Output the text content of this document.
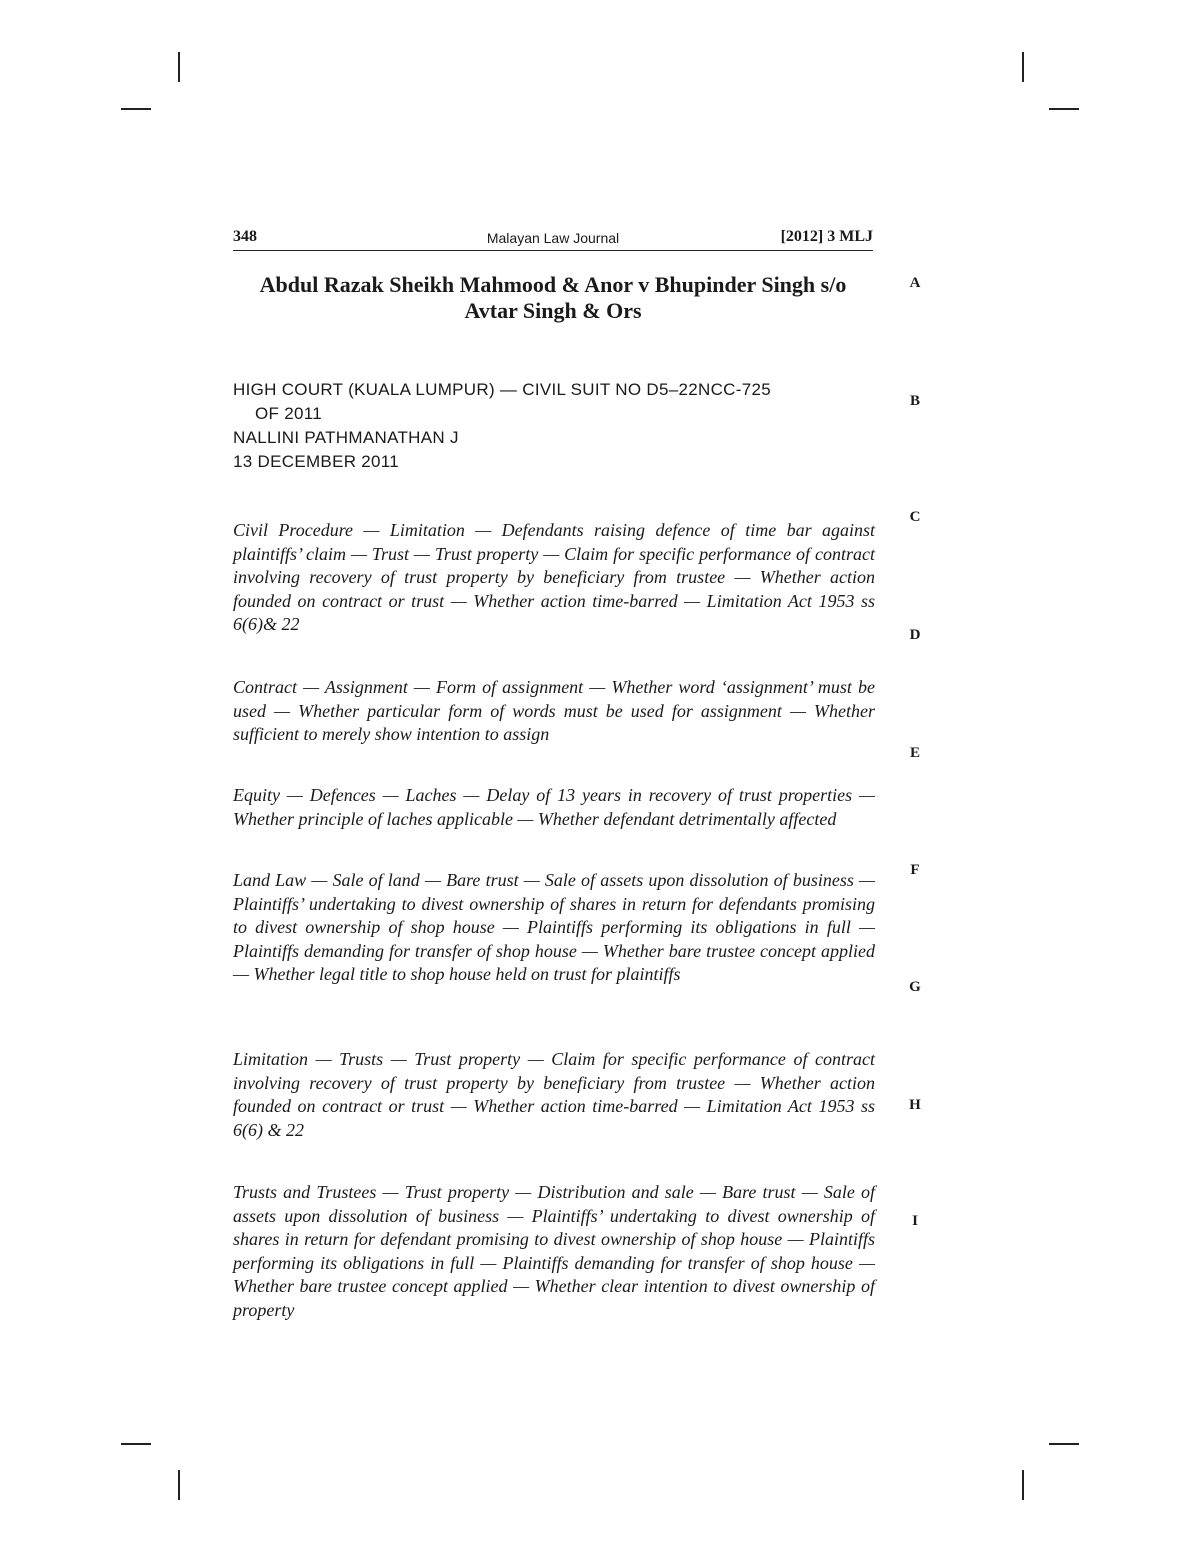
348	Malayan Law Journal	[2012] 3 MLJ
Abdul Razak Sheikh Mahmood & Anor v Bhupinder Singh s/o Avtar Singh & Ors
HIGH COURT (KUALA LUMPUR) — CIVIL SUIT NO D5–22NCC-725
OF 2011
NALLINI PATHMANATHAN J
13 DECEMBER 2011
Civil Procedure — Limitation — Defendants raising defence of time bar against plaintiffs’ claim — Trust — Trust property — Claim for specific performance of contract involving recovery of trust property by beneficiary from trustee — Whether action founded on contract or trust — Whether action time-barred — Limitation Act 1953 ss 6(6)& 22
Contract — Assignment — Form of assignment — Whether word ‘assignment’ must be used — Whether particular form of words must be used for assignment — Whether sufficient to merely show intention to assign
Equity — Defences — Laches — Delay of 13 years in recovery of trust properties — Whether principle of laches applicable — Whether defendant detrimentally affected
Land Law — Sale of land — Bare trust — Sale of assets upon dissolution of business — Plaintiffs’ undertaking to divest ownership of shares in return for defendants promising to divest ownership of shop house — Plaintiffs performing its obligations in full — Plaintiffs demanding for transfer of shop house — Whether bare trustee concept applied — Whether legal title to shop house held on trust for plaintiffs
Limitation — Trusts — Trust property — Claim for specific performance of contract involving recovery of trust property by beneficiary from trustee — Whether action founded on contract or trust — Whether action time-barred — Limitation Act 1953 ss 6(6) & 22
Trusts and Trustees — Trust property — Distribution and sale — Bare trust — Sale of assets upon dissolution of business — Plaintiffs’ undertaking to divest ownership of shares in return for defendant promising to divest ownership of shop house — Plaintiffs performing its obligations in full — Plaintiffs demanding for transfer of shop house — Whether bare trustee concept applied — Whether clear intention to divest ownership of property
A
B
C
D
E
F
G
H
I
